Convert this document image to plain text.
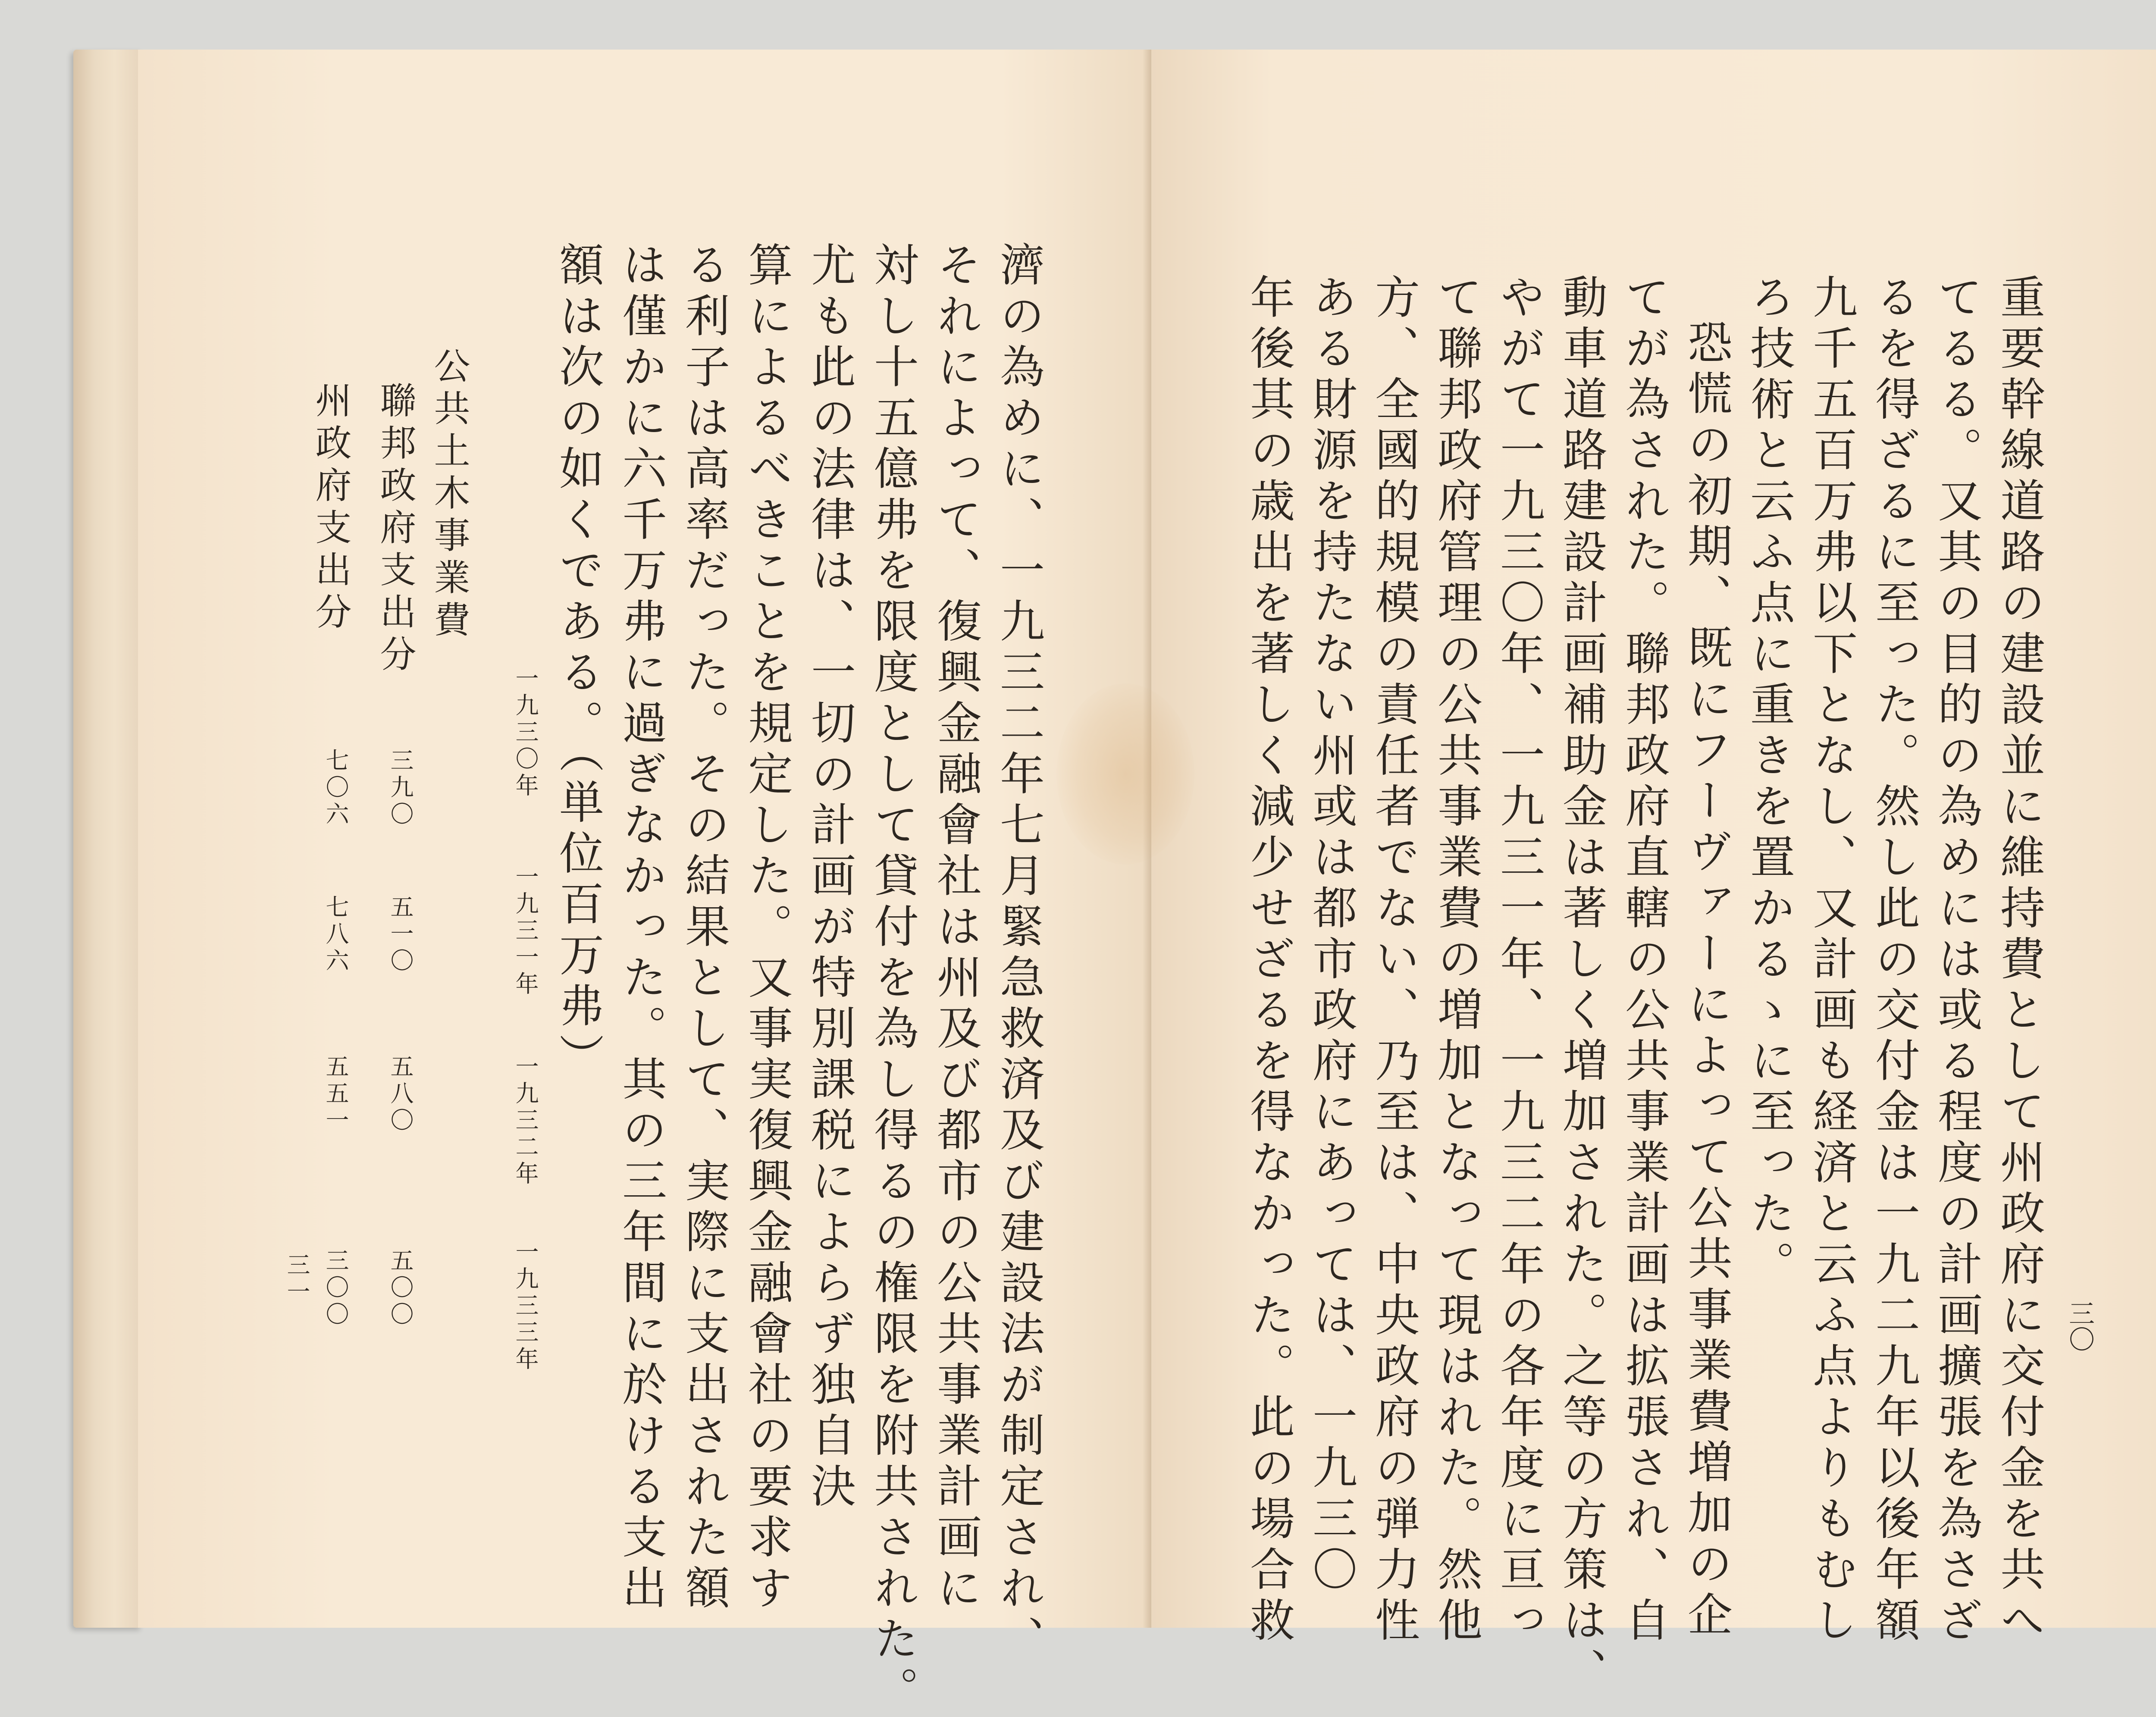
濟の為めに、一九三二年七月緊急救済及び建設法が制定され、
それによって、復興金融會社は州及び都市の公共事業計画に
対し十五億弗を限度として貸付を為し得るの権限を附共された。
尤も此の法律は、一切の計画が特別課税によらず独自決
算によるべきことを規定した。又事実復興金融會社の要求す
る利子は高率だった。その結果として、実際に支出された額
は僅かに六千万弗に過ぎなかった。其の三年間に於ける支出
額は次の如くである。（単位百万弗）
一九三〇年
一九三一年
一九三二年
一九三三年
公共土木事業費
聯邦政府支出分
三九〇
五一〇
五八〇
五〇〇
州政府支出分
七〇六
七八六
五五一
三〇〇
三一	重要幹線道路の建設並に維持費として州政府に交付金を共へ
てるる。又其の目的の為めには或る程度の計画擴張を為さざ
るを得ざるに至った。然し此の交付金は一九二九年以後年額
九千五百万弗以下となし、又計画も経済と云ふ点よりもむし
ろ技術と云ふ点に重きを置かるゝに至った。
恐慌の初期、既にフーヴァーによって公共事業費増加の企
てが為された。聯邦政府直轄の公共事業計画は拡張され、自
動車道路建設計画補助金は著しく増加された。之等の方策は、
やがて一九三〇年、一九三一年、一九三二年の各年度に亘っ
て聯邦政府管理の公共事業費の増加となって現はれた。然他
方、全國的規模の責任者でない、乃至は、中央政府の弾力性
ある財源を持たない州或は都市政府にあっては、一九三〇
年後其の歳出を著しく減少せざるを得なかった。此の場合救	三〇
